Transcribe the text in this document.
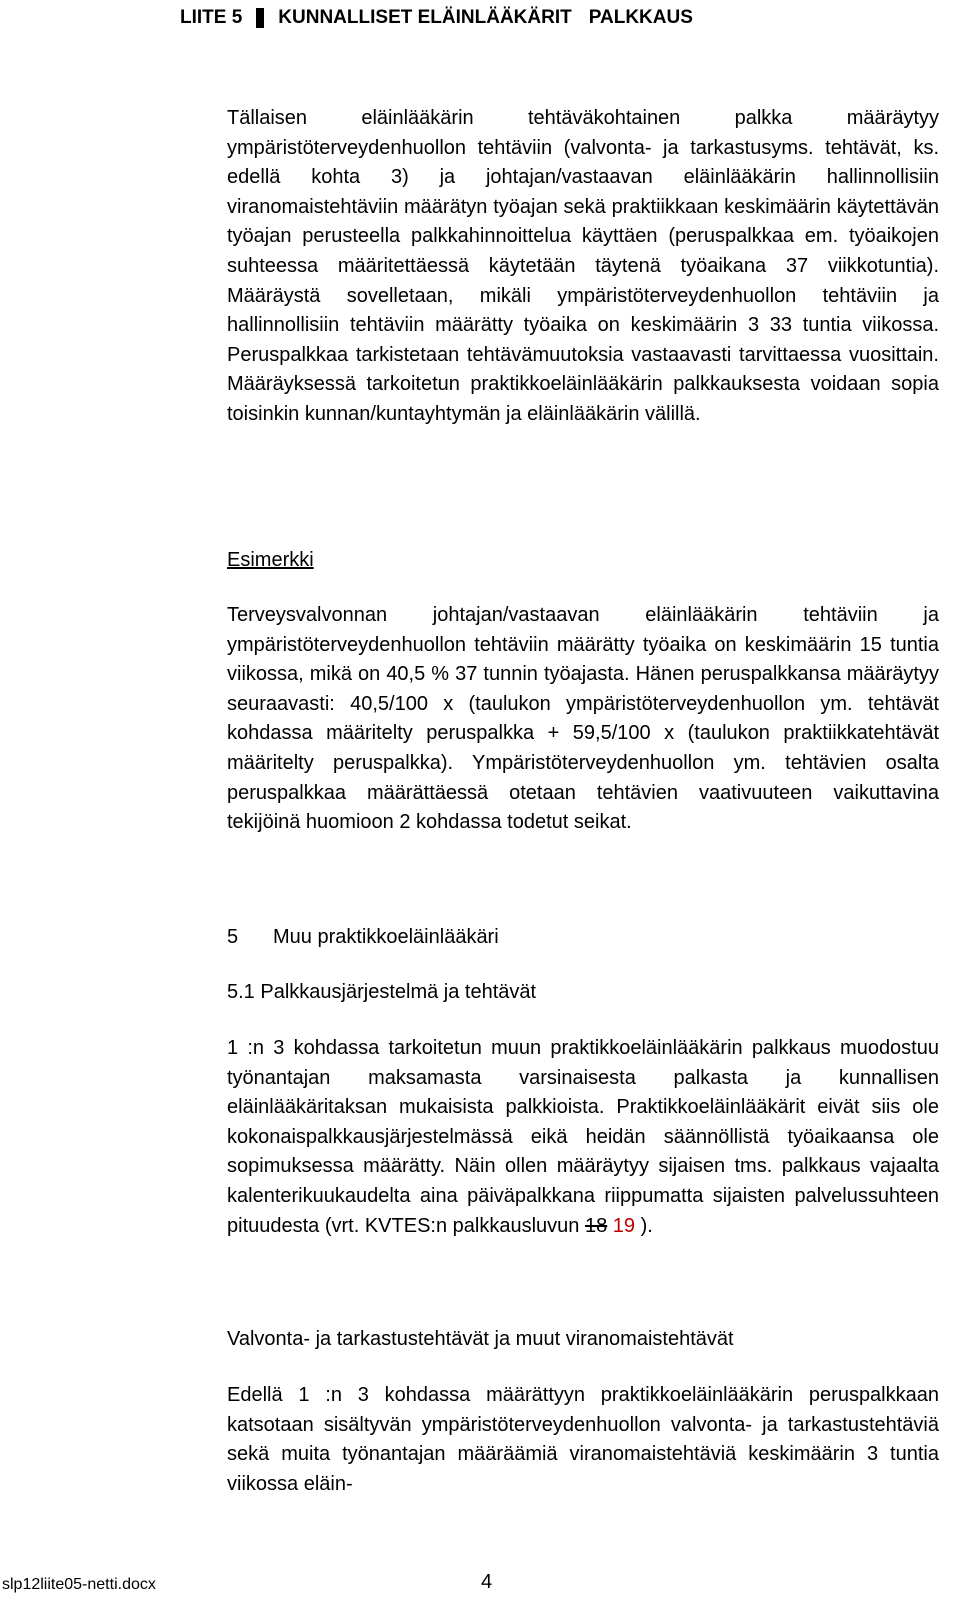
LIITE 5 KUNNALLISET ELÄINLÄÄKÄRIT PALKKAUS

Tällaisen eläinlääkärin tehtäväkohtainen palkka määräytyy ympäristöterveydenhuollon tehtäviin (valvonta- ja tarkastusyms. tehtävät, ks. edellä kohta 3) ja johtajan/vastaavan eläinlääkärin hallinnollisiin viranomaistehtäviin määrätyn työajan sekä praktiikkaan keskimäärin käytettävän työajan perusteella palkkahinnoittelua käyttäen (peruspalkkaa em. työaikojen suhteessa määritettäessä käytetään täytenä työaikana 37 viikkotuntia). Määräystä sovelletaan, mikäli ympäristöterveydenhuollon tehtäviin ja hallinnollisiin tehtäviin määrätty työaika on keskimäärin 3 33 tuntia viikossa. Peruspalkkaa tarkistetaan tehtävämuutoksia vastaavasti tarvittaessa vuosittain. Määräyksessä tarkoitetun praktikkoeläinlääkärin palkkauksesta voidaan sopia toisinkin kunnan/kuntayhtymän ja eläinlääkärin välillä.

Esimerkki

Terveysvalvonnan johtajan/vastaavan eläinlääkärin tehtäviin ja ympäristöterveydenhuollon tehtäviin määrätty työaika on keskimäärin 15 tuntia viikossa, mikä on 40,5 % 37 tunnin työajasta. Hänen peruspalkkansa määräytyy seuraavasti: 40,5/100 x (taulukon ympäristöterveydenhuollon ym. tehtävät kohdassa määritelty peruspalkka + 59,5/100 x (taulukon praktiikkatehtävät määritelty peruspalkka). Ympäristöterveydenhuollon ym. tehtävien osalta peruspalkkaa määrättäessä otetaan tehtävien vaativuuteen vaikuttavina tekijöinä huomioon 2 kohdassa todetut seikat.

5 Muu praktikkoeläinlääkäri
5.1 Palkkausjärjestelmä ja tehtävät

1 :n 3 kohdassa tarkoitetun muun praktikkoeläinlääkärin palkkaus muodostuu työnantajan maksamasta varsinaisesta palkasta ja kunnallisen eläinlääkäritaksan mukaisista palkkioista. Praktikkoeläinlääkärit eivät siis ole kokonaispalkkausjärjestelmässä eikä heidän säännöllistä työaikaansa ole sopimuksessa määrätty. Näin ollen määräytyy sijaisen tms. palkkaus vajaalta kalenterikuukaudelta aina päiväpalkkana riippumatta sijaisten palvelussuhteen pituudesta (vrt. KVTES:n palkkausluvun 18 19 ).

Valvonta- ja tarkastustehtävät ja muut viranomaistehtävät

Edellä 1 :n 3 kohdassa määrättyyn praktikkoeläinlääkärin peruspalkkaan katsotaan sisältyvän ympäristöterveydenhuollon valvonta- ja tarkastustehtäviä sekä muita työnantajan määräämiä viranomaistehtäviä keskimäärin 3 tuntia viikossa eläin-

slp12liite05-netti.docx	4
